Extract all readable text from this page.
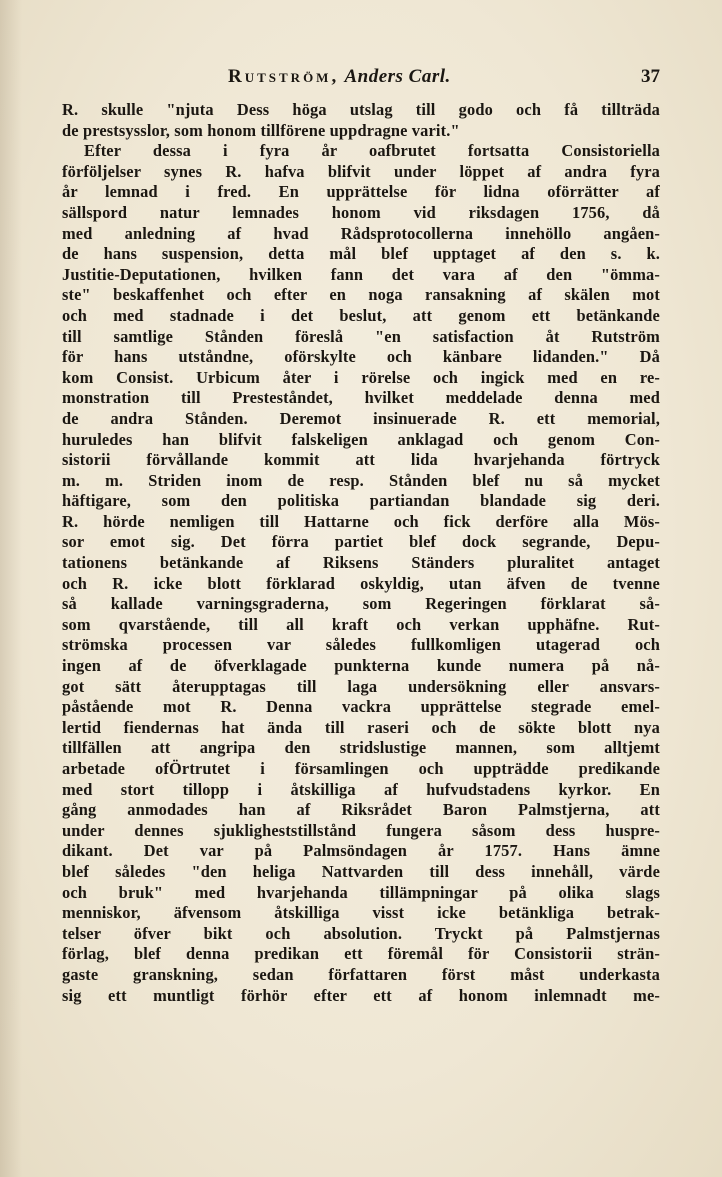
Rutström, Anders Carl.	37
R. skulle "njuta Dess höga utslag till godo och få tillträda
de prestsysslor, som honom tillförene uppdragne varit."
Efter dessa i fyra år oafbrutet fortsatta Consistoriella
förföljelser synes R. hafva blifvit under löppet af andra fyra
år lemnad i fred. En upprättelse för lidna oförrätter af
sällspord natur lemnades honom vid riksdagen 1756, då
med anledning af hvad Rådsprotocollerna innehöllo angåen-
de hans suspension, detta mål blef upptaget af den s. k.
Justitie-Deputationen, hvilken fann det vara af den "ömma-
ste" beskaffenhet och efter en noga ransakning af skälen mot
och med stadnade i det beslut, att genom ett betänkande
till samtlige Stånden föreslå "en satisfaction åt Rutström
för hans utståndne, oförskylte och känbare lidanden." Då
kom Consist. Urbicum åter i rörelse och ingick med en re-
monstration till Presteståndet, hvilket meddelade denna med
de andra Stånden. Deremot insinuerade R. ett memorial,
huruledes han blifvit falskeligen anklagad och genom Con-
sistorii förvållande kommit att lida hvarjehanda förtryck
m. m. Striden inom de resp. Stånden blef nu så mycket
häftigare, som den politiska partiandan blandade sig deri.
R. hörde nemligen till Hattarne och fick derföre alla Mös-
sor emot sig. Det förra partiet blef dock segrande, Depu-
tationens betänkande af Riksens Ständers pluralitet antaget
och R. icke blott förklarad oskyldig, utan äfven de tvenne
så kallade varningsgraderna, som Regeringen förklarat så-
som qvarstående, till all kraft och verkan upphäfne. Rut-
strömska processen var således fullkomligen utagerad och
ingen af de öfverklagade punkterna kunde numera på nå-
got sätt återupptagas till laga undersökning eller ansvars-
påstående mot R. Denna vackra upprättelse stegrade emel-
lertid fiendernas hat ända till raseri och de sökte blott nya
tillfällen att angripa den stridslustige mannen, som alltjemt
arbetade ofÖrtrutet i församlingen och uppträdde predikande
med stort tillopp i åtskilliga af hufvudstadens kyrkor. En
gång anmodades han af Riksrådet Baron Palmstjerna, att
under dennes sjukligheststillstånd fungera såsom dess huspre-
dikant. Det var på Palmsöndagen år 1757. Hans ämne
blef således "den heliga Nattvarden till dess innehåll, värde
och bruk" med hvarjehanda tillämpningar på olika slags
menniskor, äfvensom åtskilliga visst icke betänkliga betrak-
telser öfver bikt och absolution. Tryckt på Palmstjernas
förlag, blef denna predikan ett föremål för Consistorii strän-
gaste granskning, sedan författaren först måst underkasta
sig ett muntligt förhör efter ett af honom inlemnadt me-
